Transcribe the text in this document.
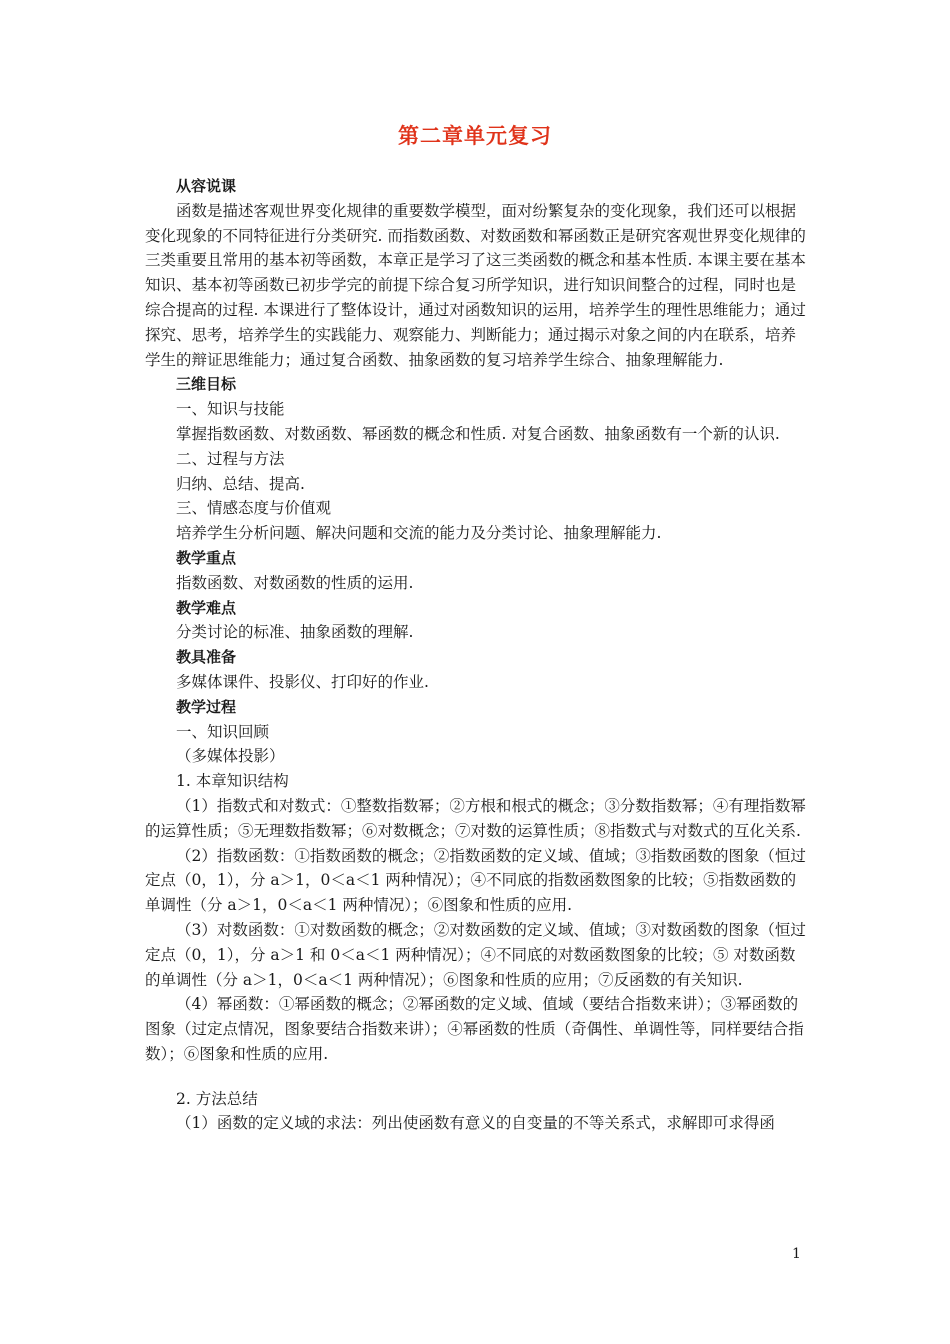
第二章单元复习

从容说课

函数是描述客观世界变化规律的重要数学模型，面对纷繁复杂的变化现象，我们还可以根据变化现象的不同特征进行分类研究. 而指数函数、对数函数和幂函数正是研究客观世界变化规律的三类重要且常用的基本初等函数，本章正是学习了这三类函数的概念和基本性质. 本课主要在基本知识、基本初等函数已初步学完的前提下综合复习所学知识，进行知识间整合的过程，同时也是综合提高的过程. 本课进行了整体设计，通过对函数知识的运用，培养学生的理性思维能力；通过探究、思考，培养学生的实践能力、观察能力、判断能力；通过揭示对象之间的内在联系，培养学生的辩证思维能力；通过复合函数、抽象函数的复习培养学生综合、抽象理解能力.

三维目标

一、知识与技能

掌握指数函数、对数函数、幂函数的概念和性质. 对复合函数、抽象函数有一个新的认识.

二、过程与方法

归纳、总结、提高.

三、情感态度与价值观

培养学生分析问题、解决问题和交流的能力及分类讨论、抽象理解能力.

教学重点

指数函数、对数函数的性质的运用.

教学难点

分类讨论的标准、抽象函数的理解.

教具准备

多媒体课件、投影仪、打印好的作业.

教学过程

一、知识回顾

（多媒体投影）

1. 本章知识结构

（1）指数式和对数式：①整数指数幂；②方根和根式的概念；③分数指数幂；④有理指数幂的运算性质；⑤无理数指数幂；⑥对数概念；⑦对数的运算性质；⑧指数式与对数式的互化关系.

（2）指数函数：①指数函数的概念；②指数函数的定义域、值域；③指数函数的图象（恒过定点（0，1），分 a＞1，0＜a＜1 两种情况）；④不同底的指数函数图象的比较；⑤指数函数的单调性（分 a＞1，0＜a＜1 两种情况）；⑥图象和性质的应用.

（3）对数函数：①对数函数的概念；②对数函数的定义域、值域；③对数函数的图象（恒过定点（0，1），分 a＞1 和 0＜a＜1 两种情况）；④不同底的对数函数图象的比较；⑤ 对数函数的单调性（分 a＞1，0＜a＜1 两种情况）；⑥图象和性质的应用；⑦反函数的有关知识.

（4）幂函数：①幂函数的概念；②幂函数的定义域、值域（要结合指数来讲）；③幂函数的图象（过定点情况，图象要结合指数来讲）；④幂函数的性质（奇偶性、单调性等，同样要结合指数）；⑥图象和性质的应用.

2. 方法总结

（1）函数的定义域的求法：列出使函数有意义的自变量的不等关系式，求解即可求得函

1
